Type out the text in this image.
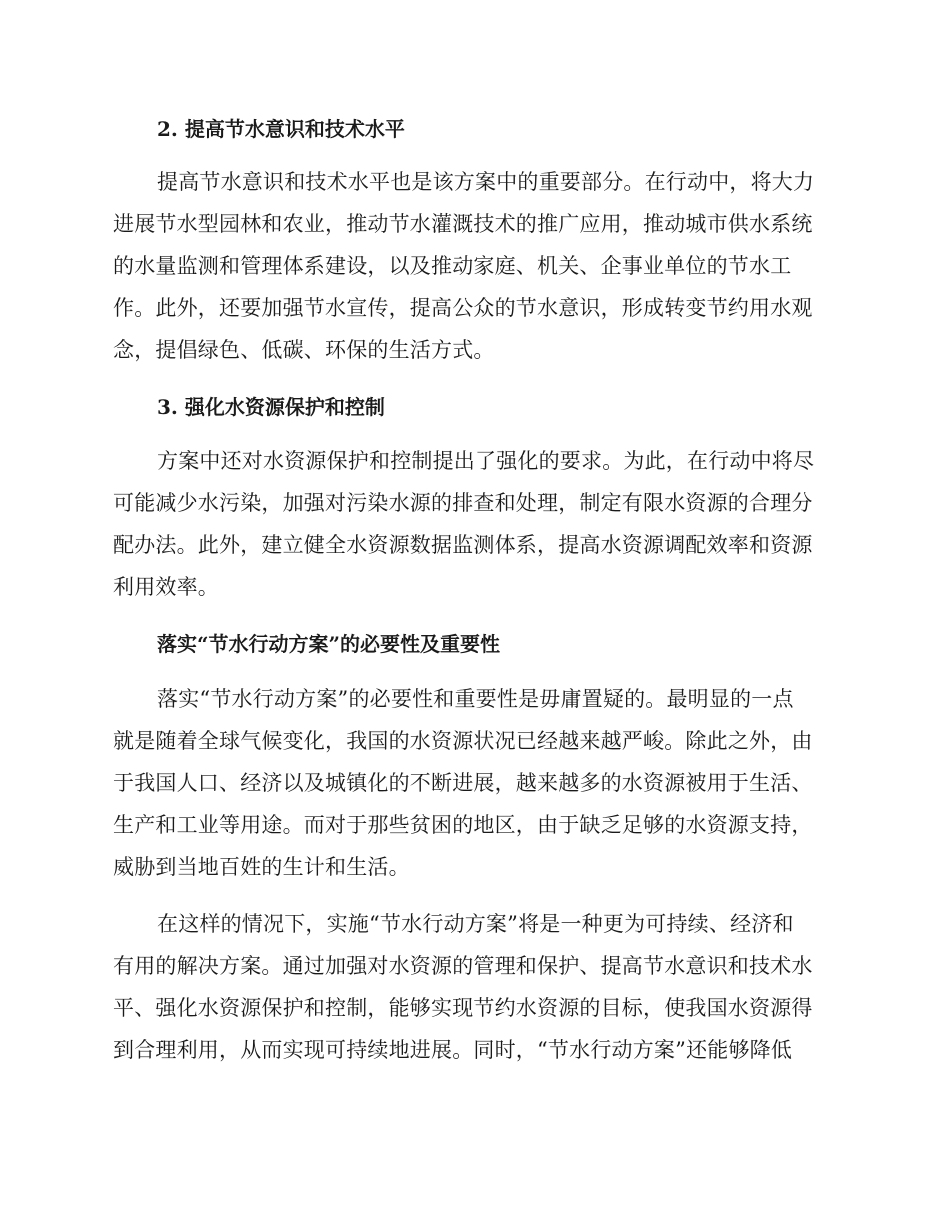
2. 提高节水意识和技术水平
提高节水意识和技术水平也是该方案中的重要部分。在行动中，将大力
进展节水型园林和农业，推动节水灌溉技术的推广应用，推动城市供水系统
的水量监测和管理体系建设，以及推动家庭、机关、企事业单位的节水工
作。此外，还要加强节水宣传，提高公众的节水意识，形成转变节约用水观
念，提倡绿色、低碳、环保的生活方式。
3. 强化水资源保护和控制
方案中还对水资源保护和控制提出了强化的要求。为此，在行动中将尽
可能减少水污染，加强对污染水源的排查和处理，制定有限水资源的合理分
配办法。此外，建立健全水资源数据监测体系，提高水资源调配效率和资源
利用效率。
落实“节水行动方案”的必要性及重要性
落实“节水行动方案”的必要性和重要性是毋庸置疑的。最明显的一点
就是随着全球气候变化，我国的水资源状况已经越来越严峻。除此之外，由
于我国人口、经济以及城镇化的不断进展，越来越多的水资源被用于生活、
生产和工业等用途。而对于那些贫困的地区，由于缺乏足够的水资源支持，
威胁到当地百姓的生计和生活。
在这样的情况下，实施“节水行动方案”将是一种更为可持续、经济和
有用的解决方案。通过加强对水资源的管理和保护、提高节水意识和技术水
平、强化水资源保护和控制，能够实现节约水资源的目标，使我国水资源得
到合理利用，从而实现可持续地进展。同时，“节水行动方案”还能够降低
